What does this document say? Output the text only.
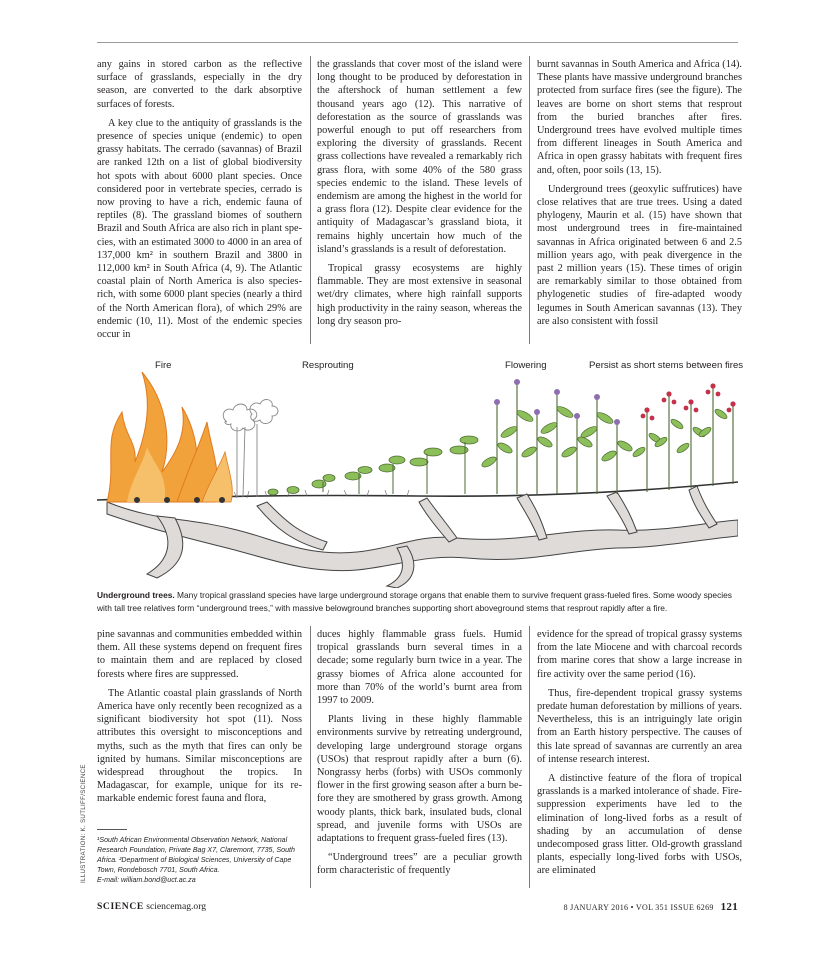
any gains in stored carbon as the reflective surface of grasslands, especially in the dry season, are converted to the dark absorptive surfaces of forests.

A key clue to the antiquity of grasslands is the presence of species unique (endemic) to open grassy habitats. The cerrado (savannas) of Brazil are ranked 12th on a list of global biodiversity hot spots with about 6000 plant species. Once considered poor in vertebrate species, cerrado is now proving to have a rich, endemic fauna of reptiles (8). The grassland biomes of southern Brazil and South Africa are also rich in plant species, with an estimated 3000 to 4000 in an area of 137,000 km² in southern Brazil and 3800 in 112,000 km² in South Africa (4, 9). The Atlantic coastal plain of North America is also species-rich, with some 6000 plant species (nearly a third of the North American flora), of which 29% are endemic (10, 11). Most of the endemic species occur in

the grasslands that cover most of the island were long thought to be produced by deforestation in the aftershock of human settlement a few thousand years ago (12). This narrative of deforestation as the source of grasslands was powerful enough to put off researchers from exploring the diversity of grasslands. Recent grass collections have revealed a remarkably rich grass flora, with some 40% of the 580 grass species endemic to the island. These levels of endemism are among the highest in the world for a grass flora (12). Despite clear evidence for the antiquity of Madagascar’s grassland biota, it remains highly uncertain how much of the island’s grasslands is a result of deforestation.

Tropical grassy ecosystems are highly flammable. They are most extensive in seasonal wet/dry climates, where high rainfall supports high productivity in the rainy season, whereas the long dry season pro-

burnt savannas in South America and Africa (14). These plants have massive underground branches protected from surface fires (see the figure). The leaves are borne on short stems that resprout from the buried branches after fires. Underground trees have evolved multiple times from different lineages in South America and Africa in open grassy habitats with frequent fires and, often, poor soils (13, 15).

Underground trees (geoxylic suffrutices) have close relatives that are true trees. Using a dated phylogeny, Maurin et al. (15) have shown that most underground trees in fire-maintained savannas in Africa originated between 6 and 2.5 million years ago, with peak divergence in the past 2 million years (15). These times of origin are remarkably similar to those obtained from phylogenetic studies of fire-adapted woody legumes in South American savannas (13). They are also consistent with fossil

Fire	Resprouting	Flowering	Persist as short stems between fires
Underground trees. Many tropical grassland species have large underground storage organs that enable them to survive frequent grass-fueled fires. Some woody species with tall tree relatives form “underground trees,” with massive belowground branches supporting short aboveground stems that resprout rapidly after a fire.

pine savannas and communities embedded within them. All these systems depend on frequent fires to maintain them and are replaced by closed forests where fires are suppressed.

The Atlantic coastal plain grasslands of North America have only recently been recognized as a significant biodiversity hot spot (11). Noss attributes this oversight to misconceptions and myths, such as the myth that fires can only be ignited by humans. Similar misconceptions are widespread throughout the tropics. In Madagascar, for example, unique for its remarkable endemic forest fauna and flora,

duces highly flammable grass fuels. Humid tropical grasslands burn several times in a decade; some regularly burn twice in a year. The grassy biomes of Africa alone accounted for more than 70% of the world’s burnt area from 1997 to 2009.

Plants living in these highly flammable environments survive by retreating underground, developing large underground storage organs (USOs) that resprout rapidly after a burn (6). Nongrassy herbs (forbs) with USOs commonly flower in the first growing season after a burn before they are smothered by grass growth. Among woody plants, thick bark, insulated buds, clonal spread, and juvenile forms with USOs are adaptations to frequent grass-fueled fires (13).

“Underground trees” are a peculiar growth form characteristic of frequently

evidence for the spread of tropical grassy systems from the late Miocene and with charcoal records from marine cores that show a large increase in fire activity over the same period (16).

Thus, fire-dependent tropical grassy systems predate human deforestation by millions of years. Nevertheless, this is an intriguingly late origin from an Earth history perspective. The causes of this late spread of savannas are currently an area of intense research interest.

A distinctive feature of the flora of tropical grasslands is a marked intolerance of shade. Fire-suppression experiments have led to the elimination of long-lived forbs as a result of shading by an accumulation of dense undecomposed grass litter. Old-growth grassland plants, especially long-lived forbs with USOs, are eliminated

¹South African Environmental Observation Network, National Research Foundation, Private Bag X7, Claremont, 7735, South Africa. ²Department of Biological Sciences, University of Cape Town, Rondebosch 7701, South Africa.
E-mail: william.bond@uct.ac.za
ILLUSTRATION: K. SUTLIFF/SCIENCE
SCIENCE sciencemag.org	8 JANUARY 2016 • VOL 351 ISSUE 6269 121
